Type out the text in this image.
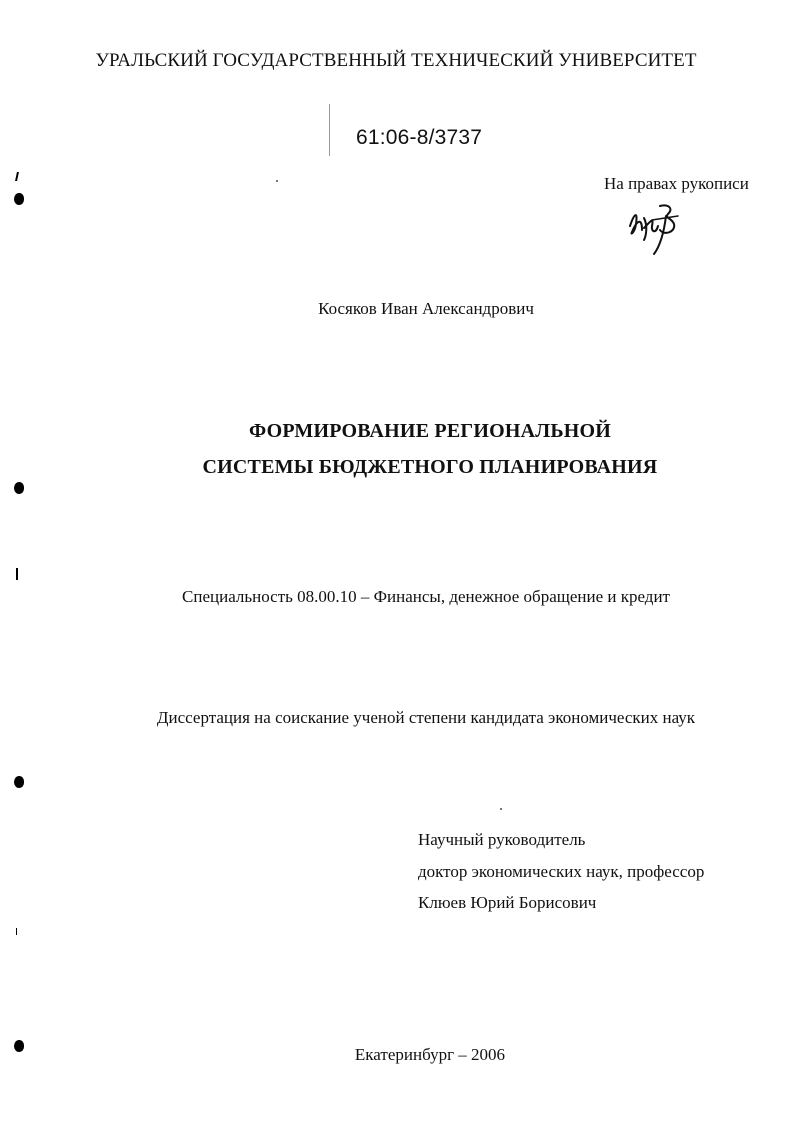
УРАЛЬСКИЙ ГОСУДАРСТВЕННЫЙ ТЕХНИЧЕСКИЙ УНИВЕРСИТЕТ
61:06-8/3737
На правах рукописи
Косяков Иван Александрович
ФОРМИРОВАНИЕ РЕГИОНАЛЬНОЙ
СИСТЕМЫ БЮДЖЕТНОГО ПЛАНИРОВАНИЯ
Специальность 08.00.10 – Финансы, денежное обращение и кредит
Диссертация на соискание ученой степени кандидата экономических наук
Научный руководитель
доктор экономических наук, профессор
Клюев Юрий Борисович
Екатеринбург – 2006
